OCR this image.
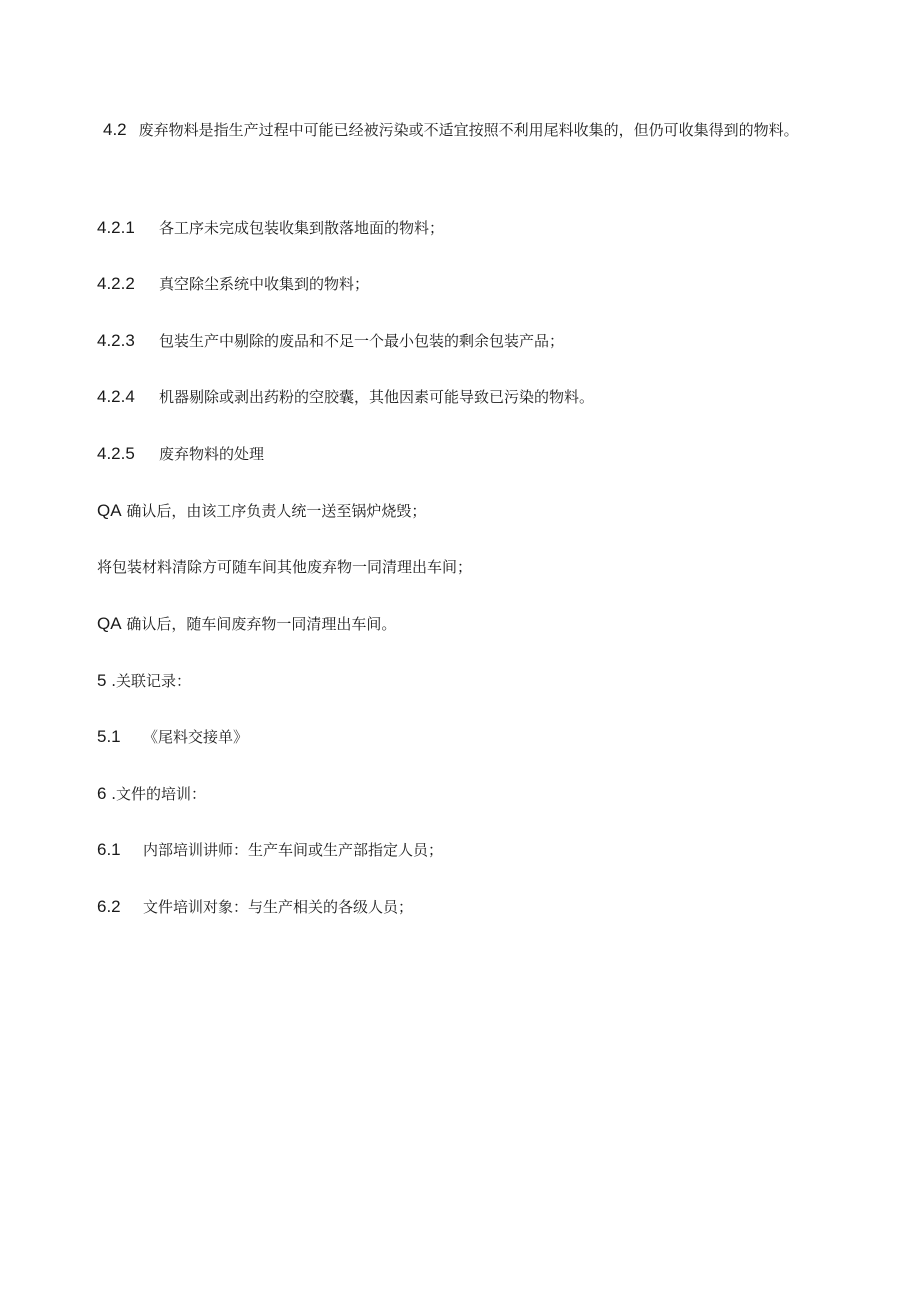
4.2 废弃物料是指生产过程中可能已经被污染或不适宜按照不利用尾料收集的，但仍可收集得到的物料。
4.2.1 各工序未完成包装收集到散落地面的物料；
4.2.2 真空除尘系统中收集到的物料；
4.2.3 包装生产中剔除的废品和不足一个最小包装的剩余包装产品；
4.2.4 机器剔除或剥出药粉的空胶囊，其他因素可能导致已污染的物料。
4.2.5 废弃物料的处理
QA 确认后，由该工序负责人统一送至锅炉烧毁；
将包装材料清除方可随车间其他废弃物一同清理出车间；
QA 确认后，随车间废弃物一同清理出车间。
5 .关联记录：
5.1 《尾料交接单》
6 .文件的培训：
6.1 内部培训讲师：生产车间或生产部指定人员；
6.2 文件培训对象：与生产相关的各级人员；
